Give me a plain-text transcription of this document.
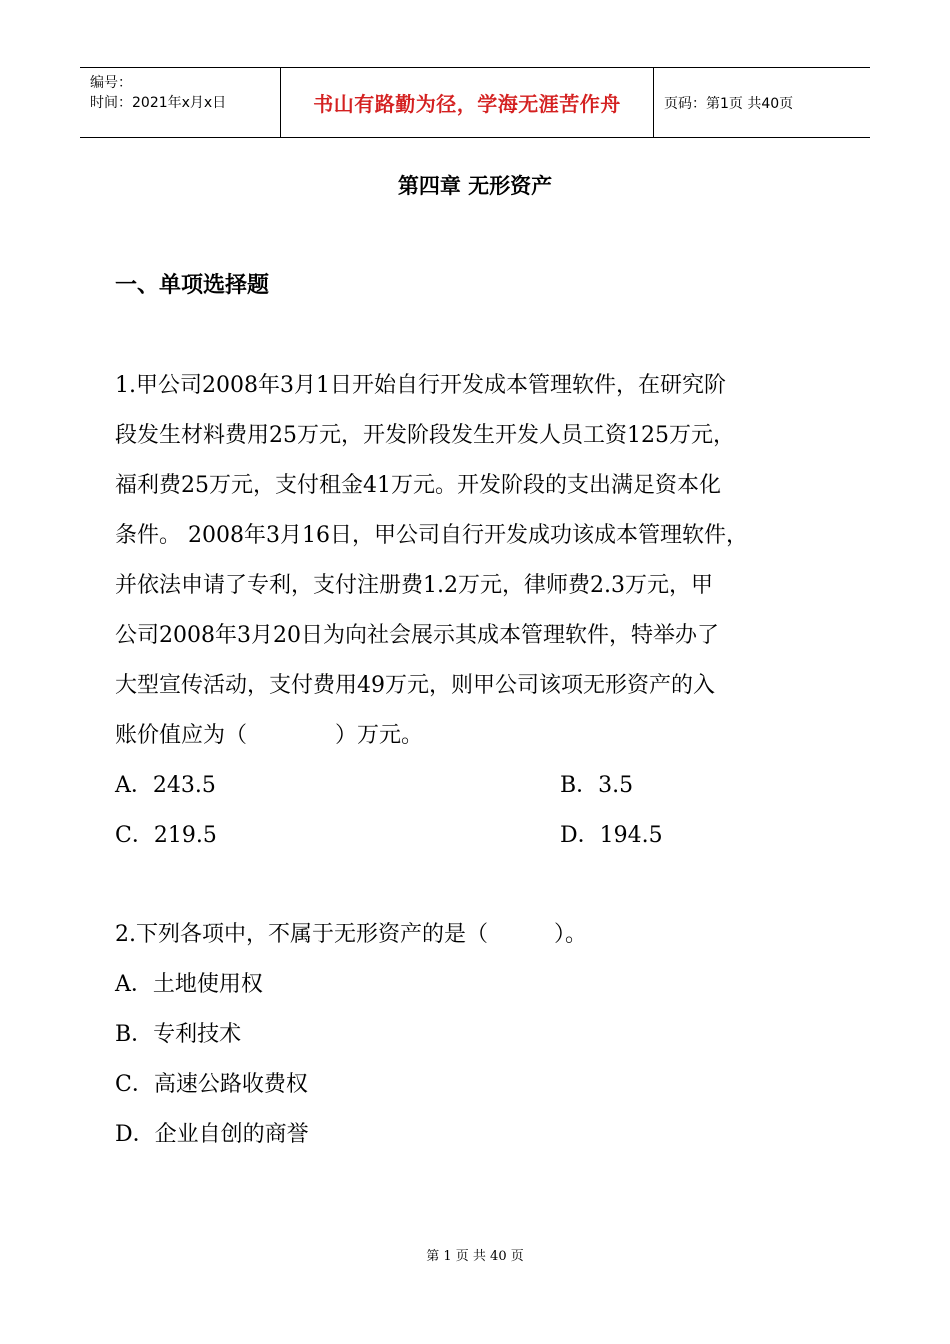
编号：
时间：2021年x月x日	书山有路勤为径，学海无涯苦作舟	页码：第1页 共40页
第四章 无形资产
一、单项选择题
1.甲公司2008年3月1日开始自行开发成本管理软件，在研究阶
段发生材料费用25万元，开发阶段发生开发人员工资125万元，
福利费25万元，支付租金41万元。开发阶段的支出满足资本化
条件。 2008年3月16日，甲公司自行开发成功该成本管理软件，
并依法申请了专利，支付注册费1.2万元，律师费2.3万元，甲
公司2008年3月20日为向社会展示其成本管理软件，特举办了
大型宣传活动，支付费用49万元，则甲公司该项无形资产的入
账价值应为（　　　　）万元。
A．243.5	B．3.5
C．219.5	D．194.5
2.下列各项中，不属于无形资产的是（　　　）。
A．土地使用权
B．专利技术
C．高速公路收费权
D．企业自创的商誉
第 1 页 共 40 页
